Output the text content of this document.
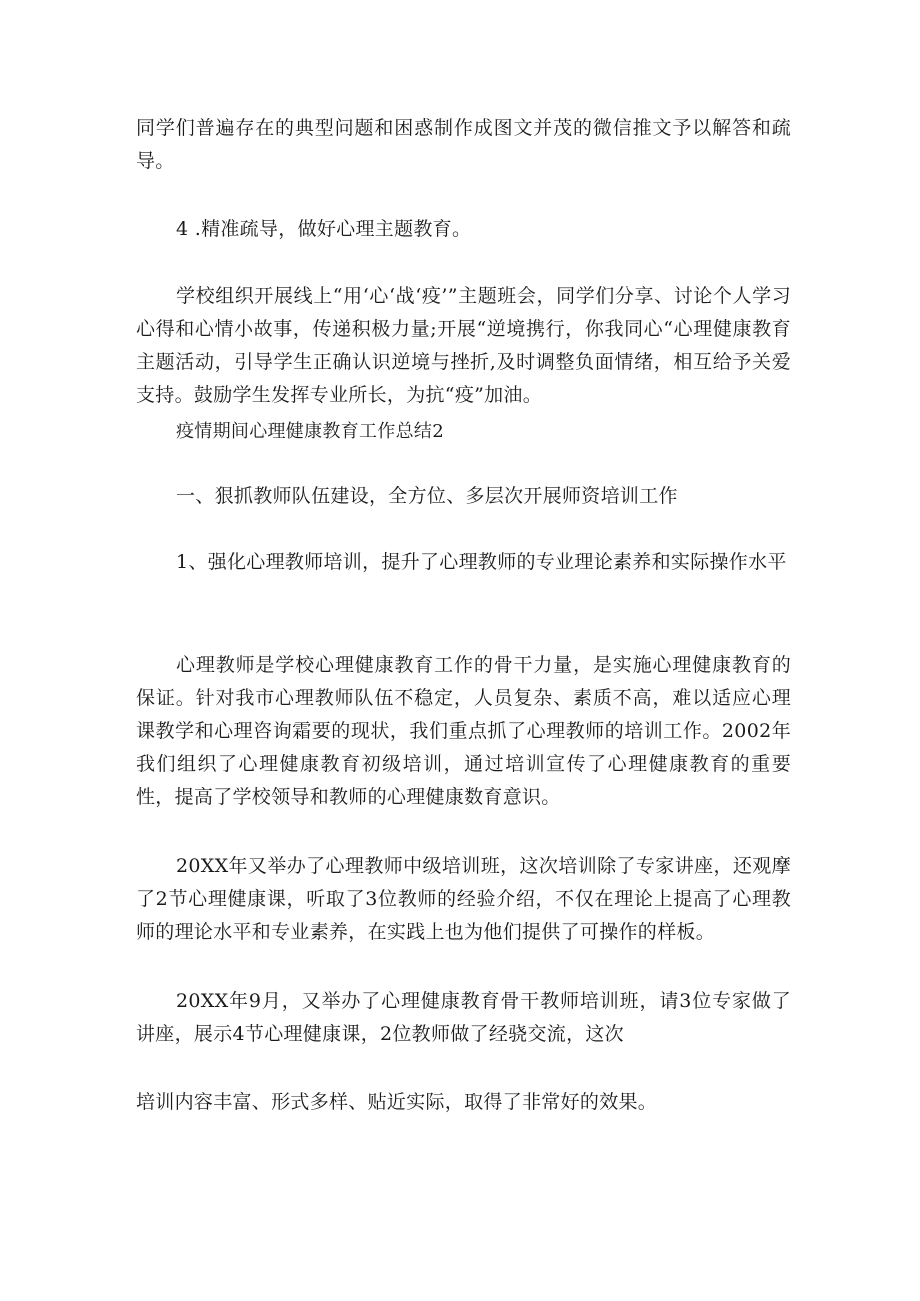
同学们普遍存在的典型问题和困惑制作成图文并茂的微信推文予以解答和疏导。

4 .精准疏导，做好心理主题教育。

学校组织开展线上“用‘心‘战‘疫’”主题班会，同学们分享、讨论个人学习心得和心情小故事，传递积极力量;开展“逆境携行，你我同心“心理健康教育主题活动，引导学生正确认识逆境与挫折,及时调整负面情绪，相互给予关爱支持。鼓励学生发挥专业所长，为抗“疫”加油。

疫情期间心理健康教育工作总结2

一、狠抓教师队伍建设，全方位、多层次开展师资培训工作

1、强化心理教师培训，提升了心理教师的专业理论素养和实际操作水平

心理教师是学校心理健康教育工作的骨干力量，是实施心理健康教育的保证。针对我市心理教师队伍不稳定，人员复杂、素质不高，难以适应心理课教学和心理咨询霜要的现状，我们重点抓了心理教师的培训工作。2002年我们组织了心理健康教育初级培训，通过培训宣传了心理健康教育的重要性，提高了学校领导和教师的心理健康数育意识。

20XX年又举办了心理教师中级培训班，这次培训除了专家讲座，还观摩了2节心理健康课，听取了3位教师的经验介绍，不仅在理论上提高了心理教师的理论水平和专业素养，在实践上也为他们提供了可操作的样板。

20XX年9月，又举办了心理健康教育骨干教师培训班，请3位专家做了讲座，展示4节心理健康课，2位教师做了经骁交流，这次

培训内容丰富、形式多样、贴近实际，取得了非常好的效果。
